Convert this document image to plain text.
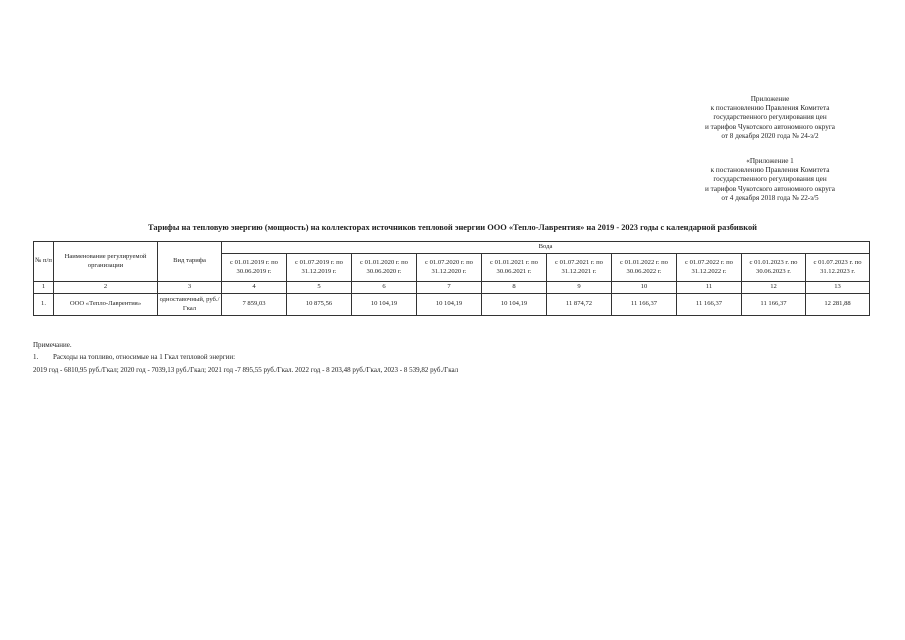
Приложение
к постановлению Правления Комитета
государственного регулирования цен
и тарифов Чукотского автономного округа
от 8 декабря 2020 года № 24-з/2
«Приложение 1
к постановлению Правления Комитета
государственного регулирования цен
и тарифов Чукотского автономного округа
от 4 декабря 2018 года № 22-з/5
Тарифы на тепловую энергию (мощность) на коллекторах источников тепловой энергии ООО «Тепло-Лаврентия» на 2019 - 2023 годы с календарной разбивкой
№ п/п	Наименование регулируемой организации	Вид тарифа	Вода									
			с 01.01.2019 г. по 30.06.2019 г.	с 01.07.2019 г. по 31.12.2019 г.	с 01.01.2020 г. по 30.06.2020 г.	с 01.07.2020 г. по 31.12.2020 г.	с 01.01.2021 г. по 30.06.2021 г.	с 01.07.2021 г. по 31.12.2021 г.	с 01.01.2022 г. по 30.06.2022 г.	с 01.07.2022 г. по 31.12.2022 г.	с 01.01.2023 г. по 30.06.2023 г.	с 01.07.2023 г. по 31.12.2023 г.
1	2	3	4	5	6	7	8	9	10	11	12	13
1.	ООО «Тепло-Лаврентия»	одноставочный, руб./Гкал	7 859,03	10 875,56	10 104,19	10 104,19	10 104,19	11 874,72	11 166,37	11 166,37	11 166,37	12 281,88
Примечание.
1. Расходы на топливо, относимые на 1 Гкал тепловой энергии:
2019 год - 6810,95 руб./Гкал; 2020 год - 7039,13 руб./Гкал; 2021 год -7 895,55 руб./Гкал. 2022 год - 8 203,48 руб./Гкал, 2023 - 8 539,82 руб./Гкал
